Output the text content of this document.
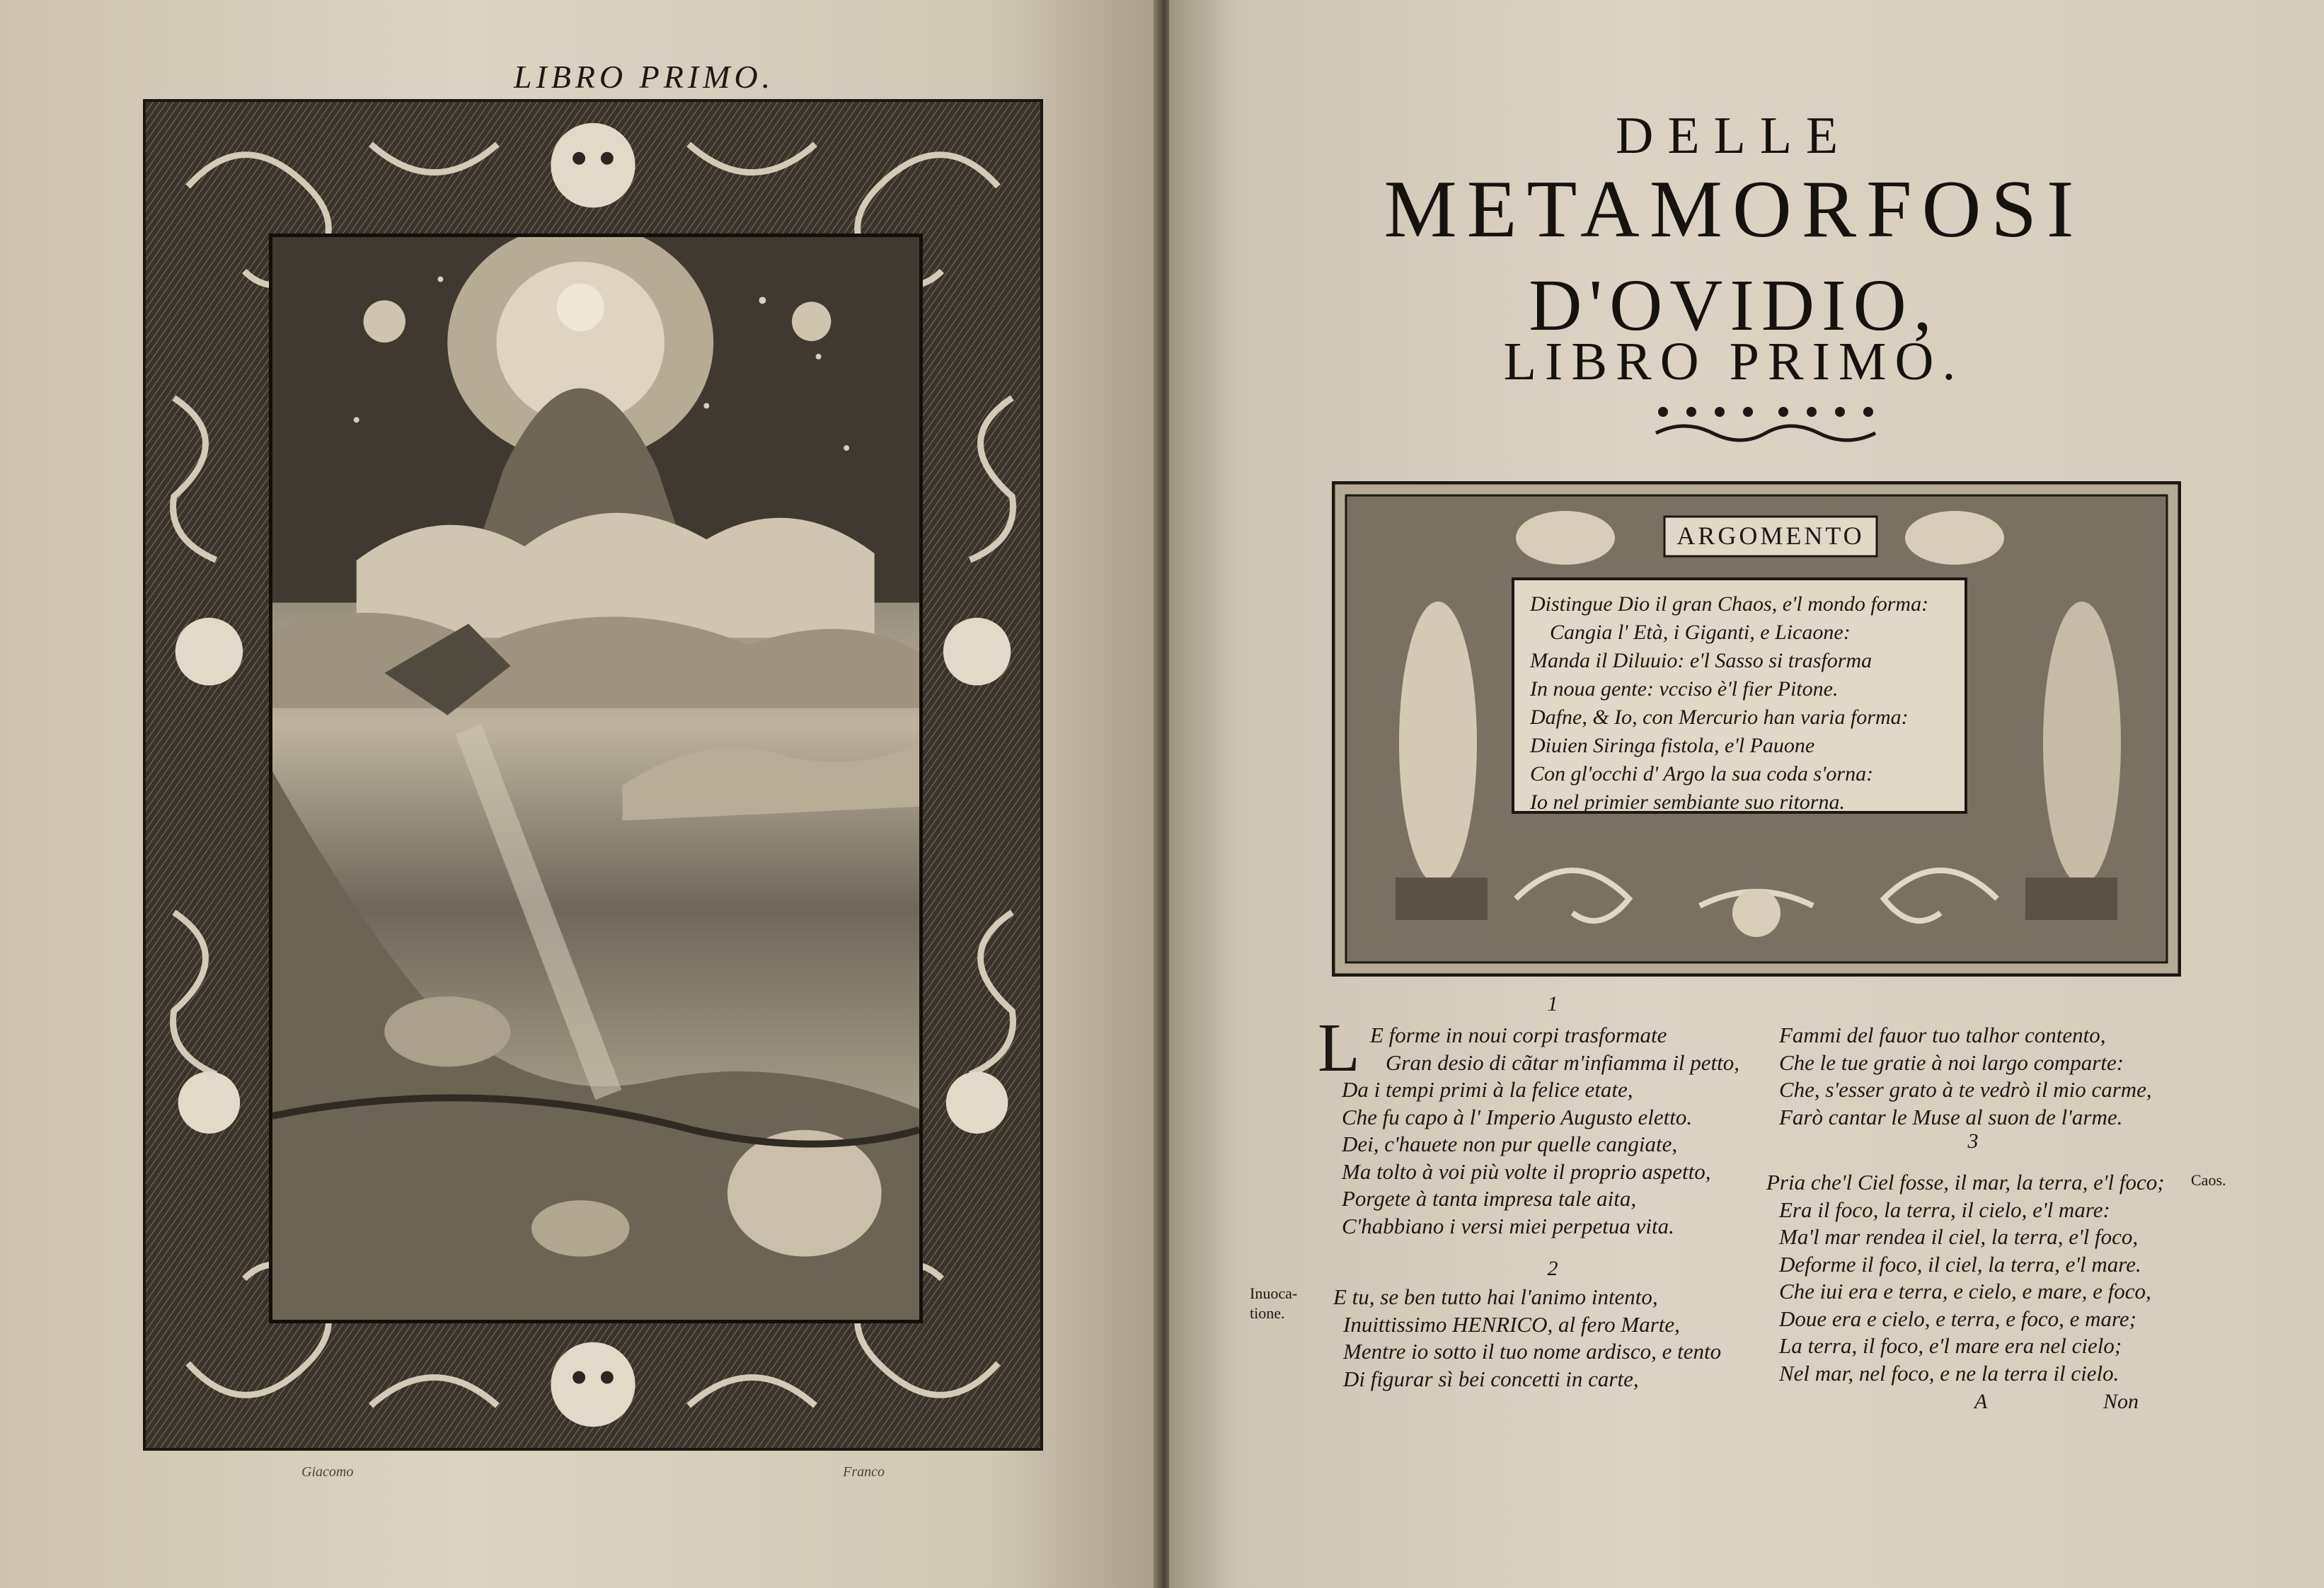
LIBRO PRIMO.
Giacomo	Franco
DELLE
METAMORFOSI
D'OVIDIO,
LIBRO PRIMO.
ARGOMENTO
Distingue Dio il gran Chaos, e'l mondo forma:
Cangia l' Età, i Giganti, e Licaone:
Manda il Diluuio: e'l Sasso si trasforma
In noua gente: vcciso è'l fier Pitone.
Dafne, & Io, con Mercurio han varia forma:
Diuien Siringa fistola, e'l Pauone
Con gl'occhi d' Argo la sua coda s'orna:
Io nel primier sembiante suo ritorna.
1
L E forme in noui corpi trasformate
Gran desio di cãtar m'infiamma il petto,
Da i tempi primi à la felice etate,
Che fu capo à l' Imperio Augusto eletto.
Dei, c'hauete non pur quelle cangiate,
Ma tolto à voi più volte il proprio aspetto,
Porgete à tanta impresa tale aita,
C'habbiano i versi miei perpetua vita.
2
Inuoca-
tione.
E tu, se ben tutto hai l'animo intento,
Inuittissimo HENRICO, al fero Marte,
Mentre io sotto il tuo nome ardisco, e tento
Di figurar sì bei concetti in carte,
Fammi del fauor tuo talhor contento,
Che le tue gratie à noi largo comparte:
Che, s'esser grato à te vedrò il mio carme,
Farò cantar le Muse al suon de l'arme.
3
Caos.
Pria che'l Ciel fosse, il mar, la terra, e'l foco;
Era il foco, la terra, il cielo, e'l mare:
Ma'l mar rendea il ciel, la terra, e'l foco,
Deforme il foco, il ciel, la terra, e'l mare.
Che iui era e terra, e cielo, e mare, e foco,
Doue era e cielo, e terra, e foco, e mare;
La terra, il foco, e'l mare era nel cielo;
Nel mar, nel foco, e ne la terra il cielo.
A	Non
